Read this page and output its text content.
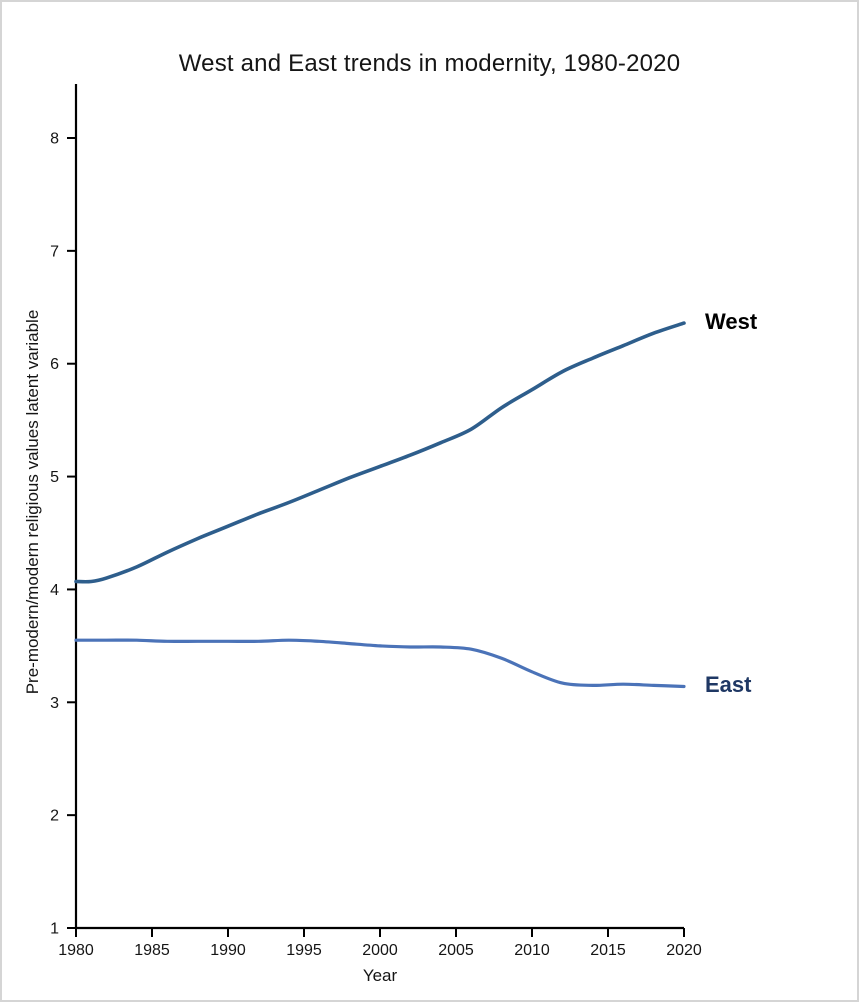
1
2
3
4
5
6
7
8
1980	1985	1990	1995	2000	2005	2010	2015	2020
West and East trends in modernity, 1980-2020
Pre-modern/modern religious values latent variable
Year
West
East
